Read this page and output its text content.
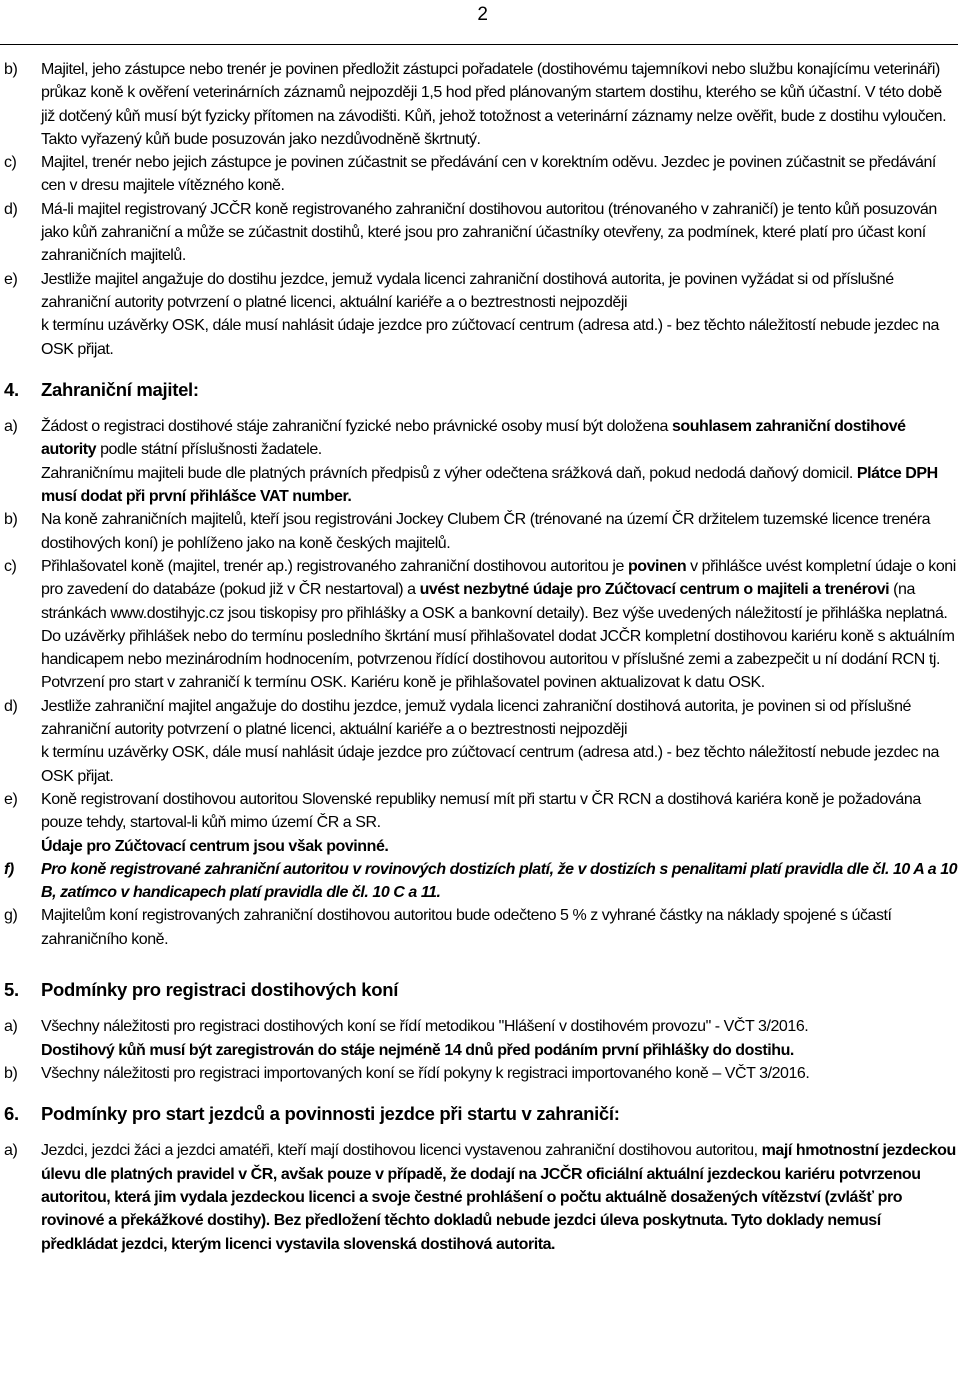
2
b)	Majitel, jeho zástupce nebo trenér je povinen předložit zástupci pořadatele (dostihovému tajemníkovi nebo službu konajícímu veterináři) průkaz koně k ověření veterinárních záznamů nejpozději 1,5 hod před plánovaným startem dostihu, kterého se kůň účastní. V této době již dotčený kůň musí být fyzicky přítomen na závodišti. Kůň, jehož totožnost a veterinární záznamy nelze ověřit, bude z dostihu vyloučen. Takto vyřazený kůň bude posuzován jako nezdůvodněně škrtnutý.

c)	Majitel, trenér nebo jejich zástupce je povinen zúčastnit se předávání cen v korektním oděvu. Jezdec je povinen zúčastnit se předávání cen v dresu majitele vítězného koně.

d)	Má-li majitel registrovaný JCČR koně registrovaného zahraniční dostihovou autoritou (trénovaného v zahraničí) je tento kůň posuzován jako kůň zahraniční a může se zúčastnit dostihů, které jsou pro zahraniční účastníky otevřeny, za podmínek, které platí pro účast koní zahraničních majitelů.

e)	Jestliže majitel angažuje do dostihu jezdce, jemuž vydala licenci zahraniční dostihová autorita, je povinen vyžádat si od příslušné zahraniční autority potvrzení o platné licenci, aktuální kariéře a o beztrestnosti nejpozději

k termínu uzávěrky OSK, dále musí nahlásit údaje jezdce pro zúčtovací centrum (adresa atd.) - bez těchto náležitostí nebude jezdec na OSK přijat.

4.	Zahraniční majitel:
a)	Žádost o registraci dostihové stáje zahraniční fyzické nebo právnické osoby musí být doložena souhlasem zahraniční dostihové autority podle státní příslušnosti žadatele.

Zahraničnímu majiteli bude dle platných právních předpisů z výher odečtena srážková daň, pokud nedodá daňový domicil. Plátce DPH musí dodat při první přihlášce VAT number.

b)	Na koně zahraničních majitelů, kteří jsou registrováni Jockey Clubem ČR (trénované na území ČR držitelem tuzemské licence trenéra dostihových koní) je pohlíženo jako na koně českých majitelů.

c)	Přihlašovatel koně (majitel, trenér ap.) registrovaného zahraniční dostihovou autoritou je povinen v přihlášce uvést kompletní údaje o koni pro zavedení do databáze (pokud již v ČR nestartoval) a uvést nezbytné údaje pro Zúčtovací centrum o majiteli a trenérovi (na stránkách www.dostihyjc.cz jsou tiskopisy pro přihlášky a OSK a bankovní detaily). Bez výše uvedených náležitostí je přihláška neplatná. Do uzávěrky přihlášek nebo do termínu posledního škrtání musí přihlašovatel dodat JCČR kompletní dostihovou kariéru koně s aktuálním handicapem nebo mezinárodním hodnocením, potvrzenou řídící dostihovou autoritou v příslušné zemi a zabezpečit u ní dodání RCN tj. Potvrzení pro start v zahraničí k termínu OSK. Kariéru koně je přihlašovatel povinen aktualizovat k datu OSK.

d)	Jestliže zahraniční majitel angažuje do dostihu jezdce, jemuž vydala licenci zahraniční dostihová autorita, je povinen si od příslušné zahraniční autority potvrzení o platné licenci, aktuální kariéře a o beztrestnosti nejpozději

k termínu uzávěrky OSK, dále musí nahlásit údaje jezdce pro zúčtovací centrum (adresa atd.) - bez těchto náležitostí nebude jezdec na OSK přijat.

e)	Koně registrovaní dostihovou autoritou Slovenské republiky nemusí mít při startu v ČR RCN a dostihová kariéra koně je požadována pouze tehdy, startoval-li kůň mimo území ČR a SR.

Údaje pro Zúčtovací centrum jsou však povinné.

f)	Pro koně registrované zahraniční autoritou v rovinových dostizích platí, že v dostizích s penalitami platí pravidla dle čl. 10 A a 10 B, zatímco v handicapech platí pravidla dle čl. 10 C a 11.

g)	Majitelům koní registrovaných zahraniční dostihovou autoritou bude odečteno 5 % z vyhrané částky na náklady spojené s účastí zahraničního koně.

5.	Podmínky pro registraci dostihových koní
a)	Všechny náležitosti pro registraci dostihových koní se řídí metodikou "Hlášení v dostihovém provozu" - VČT 3/2016.

Dostihový kůň musí být zaregistrován do stáje nejméně 14 dnů před podáním první přihlášky do dostihu.

b)	Všechny náležitosti pro registraci importovaných koní se řídí pokyny k registraci importovaného koně – VČT 3/2016.

6.	Podmínky pro start jezdců a povinnosti jezdce při startu v zahraničí:
a)	Jezdci, jezdci žáci a jezdci amatéři, kteří mají dostihovou licenci vystavenou zahraniční dostihovou autoritou, mají hmotnostní jezdeckou úlevu dle platných pravidel v ČR, avšak pouze v případě, že dodají na JCČR oficiální aktuální jezdeckou kariéru potvrzenou autoritou, která jim vydala jezdeckou licenci a svoje čestné prohlášení o počtu aktuálně dosažených vítězství (zvlášť pro rovinové a překážkové dostihy). Bez předložení těchto dokladů nebude jezdci úleva poskytnuta. Tyto doklady nemusí předkládat jezdci, kterým licenci vystavila slovenská dostihová autorita.
